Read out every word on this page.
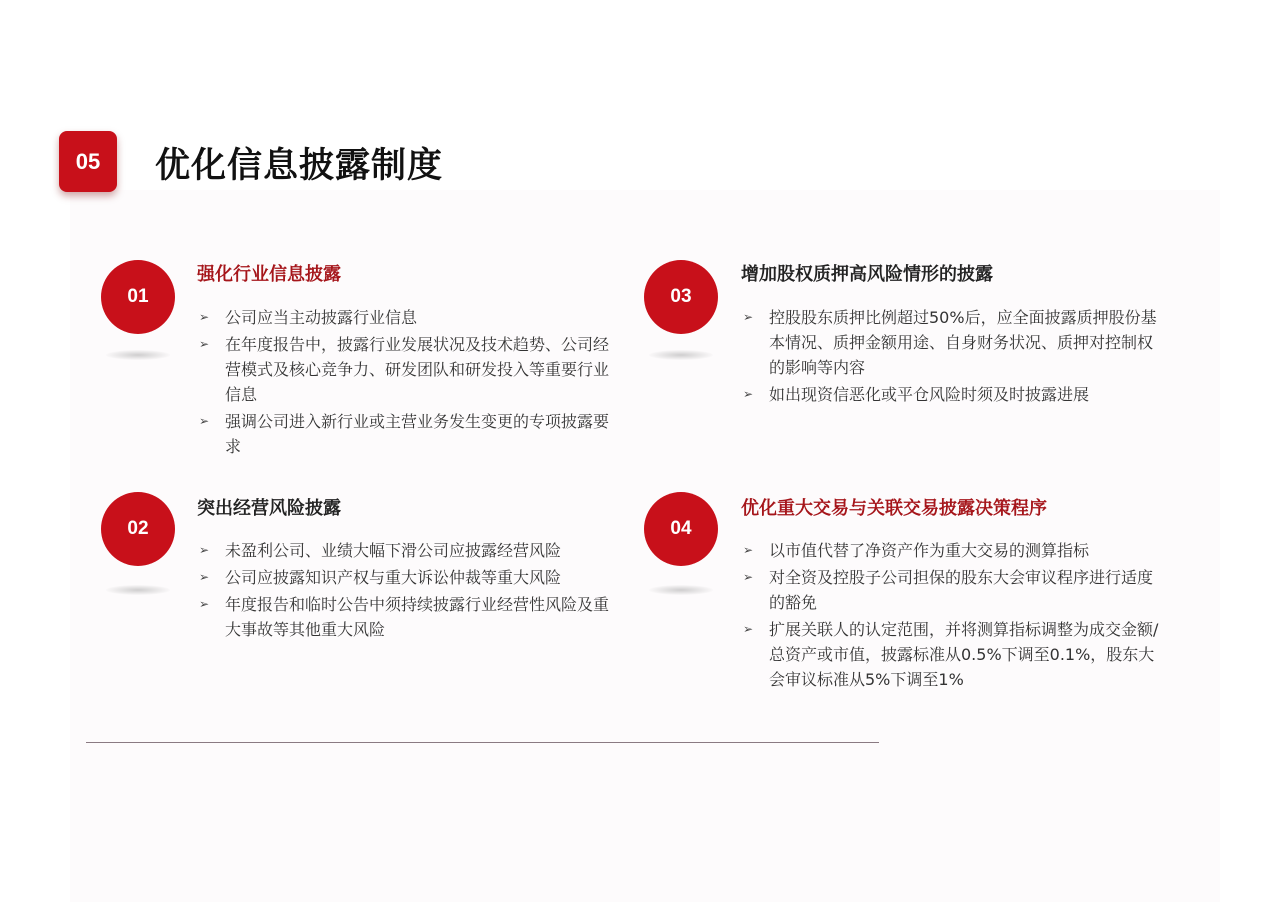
05	优化信息披露制度
01
强化行业信息披露
➢ 公司应当主动披露行业信息
➢ 在年度报告中，披露行业发展状况及技术趋势、公司经营模式及核心竞争力、研发团队和研发投入等重要行业信息
➢ 强调公司进入新行业或主营业务发生变更的专项披露要求
02
突出经营风险披露
➢ 未盈利公司、业绩大幅下滑公司应披露经营风险
➢ 公司应披露知识产权与重大诉讼仲裁等重大风险
➢ 年度报告和临时公告中须持续披露行业经营性风险及重大事故等其他重大风险
03
增加股权质押高风险情形的披露
➢ 控股股东质押比例超过50%后，应全面披露质押股份基本情况、质押金额用途、自身财务状况、质押对控制权的影响等内容
➢ 如出现资信恶化或平仓风险时须及时披露进展
04
优化重大交易与关联交易披露决策程序
➢ 以市值代替了净资产作为重大交易的测算指标
➢ 对全资及控股子公司担保的股东大会审议程序进行适度的豁免
➢ 扩展关联人的认定范围，并将测算指标调整为成交金额/总资产或市值，披露标准从0.5%下调至0.1%，股东大会审议标准从5%下调至1%
